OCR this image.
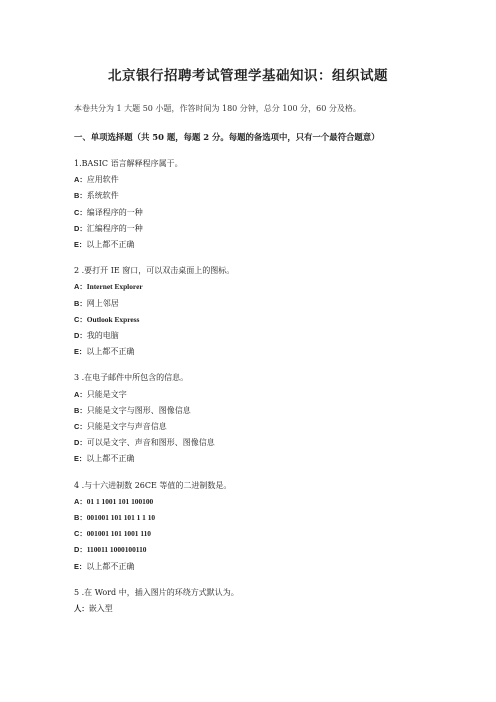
北京银行招聘考试管理学基础知识：组织试题
本卷共分为 1 大题 50 小题，作答时间为 180 分钟，总分 100 分，60 分及格。
一、单项选择题（共 50 题，每题 2 分。每题的备选项中，只有一个最符合题意）
1.BASIC 语言解释程序属于。
A：应用软件
B：系统软件
C：编译程序的一种
D：汇编程序的一种
E：以上都不正确
2 .要打开 IE 窗口，可以双击桌面上的图标。
A：Internet Explorer
B：网上邻居
C：Outlook Express
D：我的电脑
E：以上都不正确
3 .在电子邮件中所包含的信息。
A：只能是文字
B：只能是文字与图形、图像信息
C：只能是文字与声音信息
D：可以是文字、声音和图形、图像信息
E：以上都不正确
4 .与十六进制数 26CE 等值的二进制数是。
A：01 1 1001 101 100100
B：001001 101 101 1 1 10
C：001001 101 1001 110
D：110011 1000100110
E：以上都不正确
5 .在 Word 中，插入图片的环绕方式默认为。
人：嵌入型
